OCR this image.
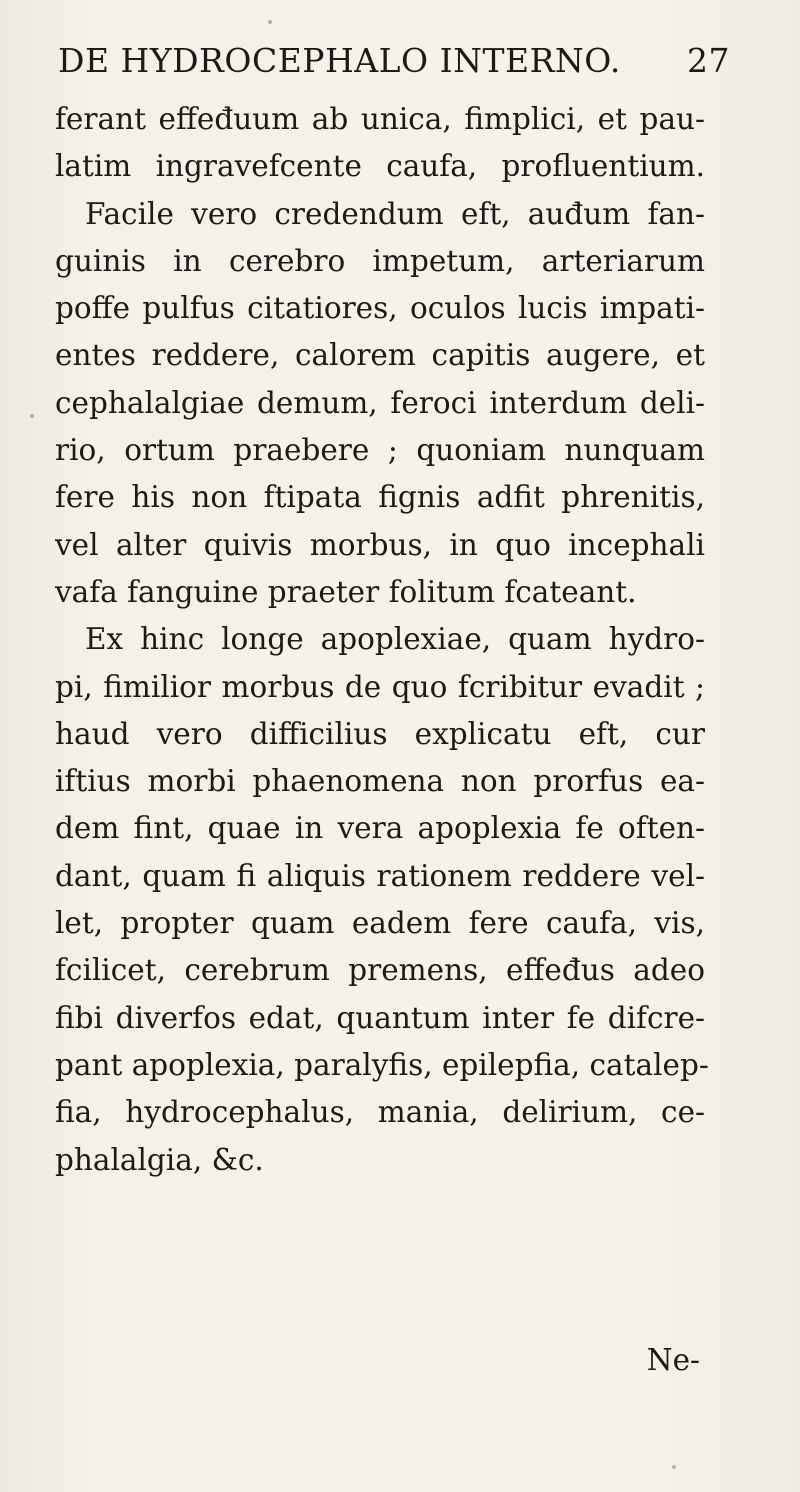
DE HYDROCEPHALO INTERNO. 27
ferant effeđuum ab unica, fimplici, et pau-
latim ingravefcente caufa, profluentium.
Facile vero credendum eft, auđum fan-
guinis in cerebro impetum, arteriarum
poffe pulfus citatiores, oculos lucis impati-
entes reddere, calorem capitis augere, et
cephalalgiae demum, feroci interdum deli-
rio, ortum praebere ; quoniam nunquam
fere his non ftipata fignis adfit phrenitis,
vel alter quivis morbus, in quo incephali
vafa fanguine praeter folitum fcateant.
Ex hinc longe apoplexiae, quam hydro-
pi, fimilior morbus de quo fcribitur evadit ;
haud vero difficilius explicatu eft, cur
iftius morbi phaenomena non prorfus ea-
dem fint, quae in vera apoplexia fe often-
dant, quam fi aliquis rationem reddere vel-
let, propter quam eadem fere caufa, vis,
fcilicet, cerebrum premens, effeđus adeo
fibi diverfos edat, quantum inter fe difcre-
pant apoplexia, paralyfis, epilepfia, catalep-
fia, hydrocephalus, mania, delirium, ce-
phalalgia, &c.
Ne-
